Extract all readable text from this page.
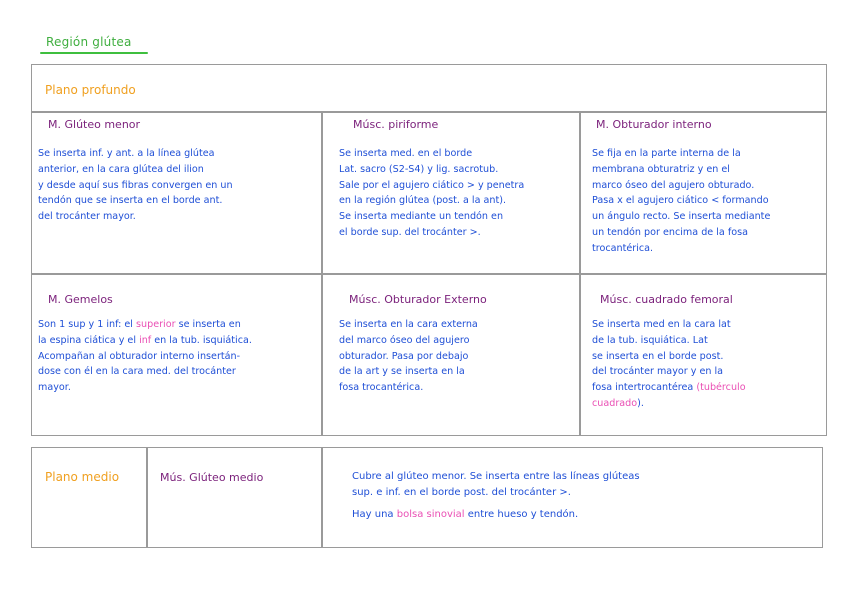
Región glútea
Plano profundo
M. Glúteo menor
Se inserta inf. y ant. a la línea glútea
anterior, en la cara glútea del ilion
y desde aquí sus fibras convergen en un
tendón que se inserta en el borde ant.
del trocánter mayor.
Músc. piriforme
Se inserta med. en el borde
Lat. sacro (S2-S4) y lig. sacrotub.
Sale por el agujero ciático > y penetra
en la región glútea (post. a la ant).
Se inserta mediante un tendón en
el borde sup. del trocánter >.
M. Obturador interno
Se fija en la parte interna de la
membrana obturatriz y en el
marco óseo del agujero obturado.
Pasa x el agujero ciático < formando
un ángulo recto. Se inserta mediante
un tendón por encima de la fosa
trocantérica.
M. Gemelos
Son 1 sup y 1 inf: el superior se inserta en
la espina ciática y el inf en la tub. isquiática.
Acompañan al obturador interno insertán-
dose con él en la cara med. del trocánter
mayor.
Músc. Obturador Externo
Se inserta en la cara externa
del marco óseo del agujero
obturador. Pasa por debajo
de la art y se inserta en la
fosa trocantérica.
Músc. cuadrado femoral
Se inserta med en la cara lat
de la tub. isquiática. Lat
se inserta en el borde post.
del trocánter mayor y en la
fosa intertrocantérea (tubérculo
cuadrado).
Plano medio	Mús. Glúteo medio	Cubre al glúteo menor. Se inserta entre las líneas glúteas
sup. e inf. en el borde post. del trocánter >.

Hay una bolsa sinovial entre hueso y tendón.
